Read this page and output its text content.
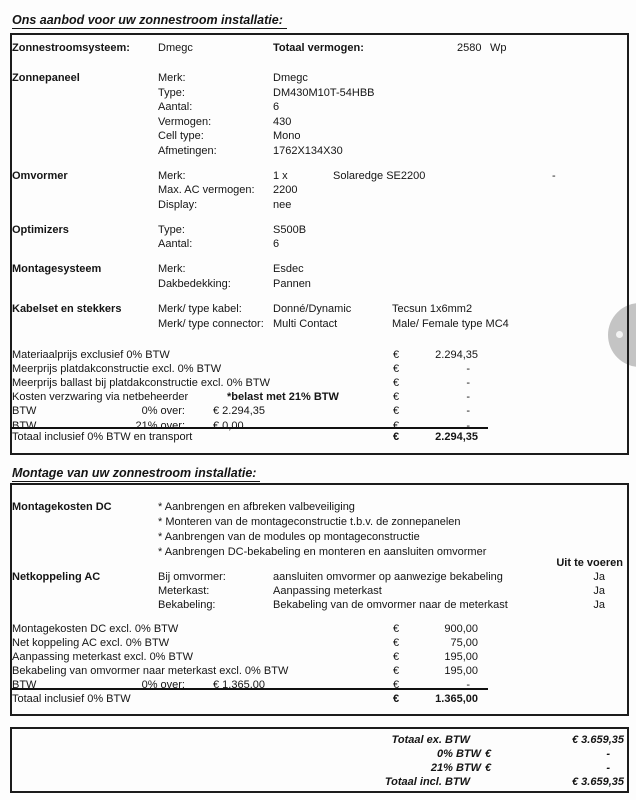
Ons aanbod voor uw zonnestroom installatie:
Zonnestroomsysteem:	Dmegc	Totaal vermogen:	2580 Wp
Zonnepaneel	Merk:	Dmegc
Type:	DM430M10T-54HBB
Aantal:	6
Vermogen:	430
Cell type:	Mono
Afmetingen:	1762X134X30
Omvormer	Merk:	1 x	Solaredge SE2200	-
Max. AC vermogen: 2200
Display:	nee
Optimizers	Type:	S500B
Aantal:	6
Montagesysteem	Merk:	Esdec
Dakbedekking:	Pannen
Kabelset en stekkers	Merk/ type kabel:	Donné/Dynamic	Tecsun 1x6mm2
Merk/ type connector: Multi Contact	Male/ Female type MC4
Materiaalprijs exclusief 0% BTW	€	2.294,35
Meerprijs platdakconstructie excl. 0% BTW	€	-
Meerprijs ballast bij platdakconstructie excl. 0% BTW	€	-
Kosten verzwaring via netbeheerder	*belast met 21% BTW	€	-
BTW	0% over:	€ 2.294,35	€	-
BTW	21% over:	€ 0,00	€	-
Totaal inclusief 0% BTW en transport	€	2.294,35
Montage van uw zonnestroom installatie:
Montagekosten DC	* Aanbrengen en afbreken valbeveiliging
* Monteren van de montageconstructie t.b.v. de zonnepanelen
* Aanbrengen van de modules op montageconstructie
* Aanbrengen DC-bekabeling en monteren en aansluiten omvormer
Uit te voeren
Netkoppeling AC	Bij omvormer:	aansluiten omvormer op aanwezige bekabeling	Ja
Meterkast:	Aanpassing meterkast	Ja
Bekabeling:	Bekabeling van de omvormer naar de meterkast	Ja
Montagekosten DC excl. 0% BTW	€	900,00
Net koppeling AC excl. 0% BTW	€	75,00
Aanpassing meterkast excl. 0% BTW	€	195,00
Bekabeling van omvormer naar meterkast excl. 0% BTW	€	195,00
BTW	0% over:	€ 1.365,00	€	-
Totaal inclusief 0% BTW	€	1.365,00
Totaal ex. BTW	€ 3.659,35
0% BTW €	-
21% BTW €	-
Totaal incl. BTW	€ 3.659,35
